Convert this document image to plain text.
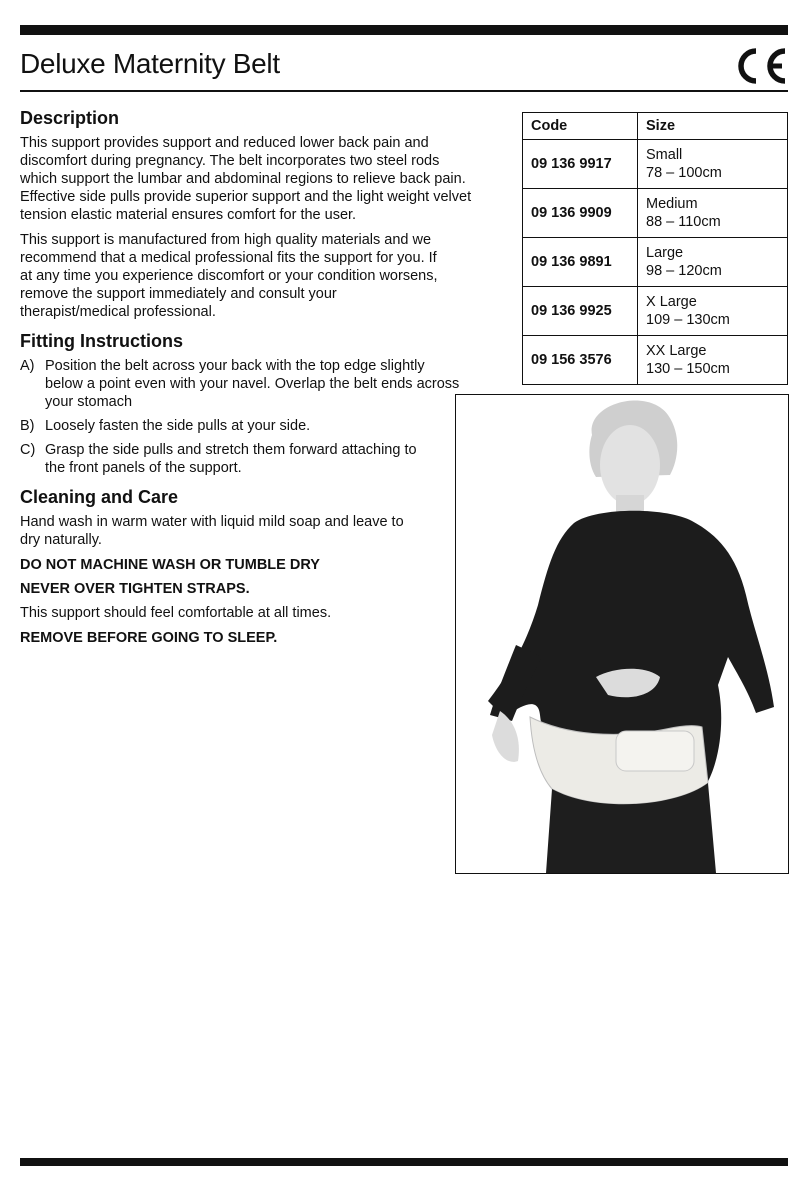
Deluxe Maternity Belt
Description

This support provides support and reduced lower back pain and discomfort during pregnancy. The belt incorporates two steel rods which support the lumbar and abdominal regions to relieve back pain. Effective side pulls provide superior support and the light weight velvet tension elastic material ensures comfort for the user.

This support is manufactured from high quality materials and we recommend that a medical professional fits the support for you. If at any time you experience discomfort or your condition worsens, remove the support immediately and consult your therapist/medical professional.

Fitting Instructions
A) Position the belt across your back with the top edge slightly below a point even with your navel. Overlap the belt ends across your stomach
B) Loosely fasten the side pulls at your side.
C) Grasp the side pulls and stretch them forward attaching to the front panels of the support.
Cleaning and Care

Hand wash in warm water with liquid mild soap and leave to dry naturally.

DO NOT MACHINE WASH OR TUMBLE DRY

NEVER OVER TIGHTEN STRAPS.

This support should feel comfortable at all times.

REMOVE BEFORE GOING TO SLEEP.

Code	Size
09 136 9917	Small
78 – 100cm

09 136 9909	Medium
88 – 110cm

09 136 9891	Large
98 – 120cm

09 136 9925	X Large
109 – 130cm

09 156 3576	XX Large
130 – 150cm
